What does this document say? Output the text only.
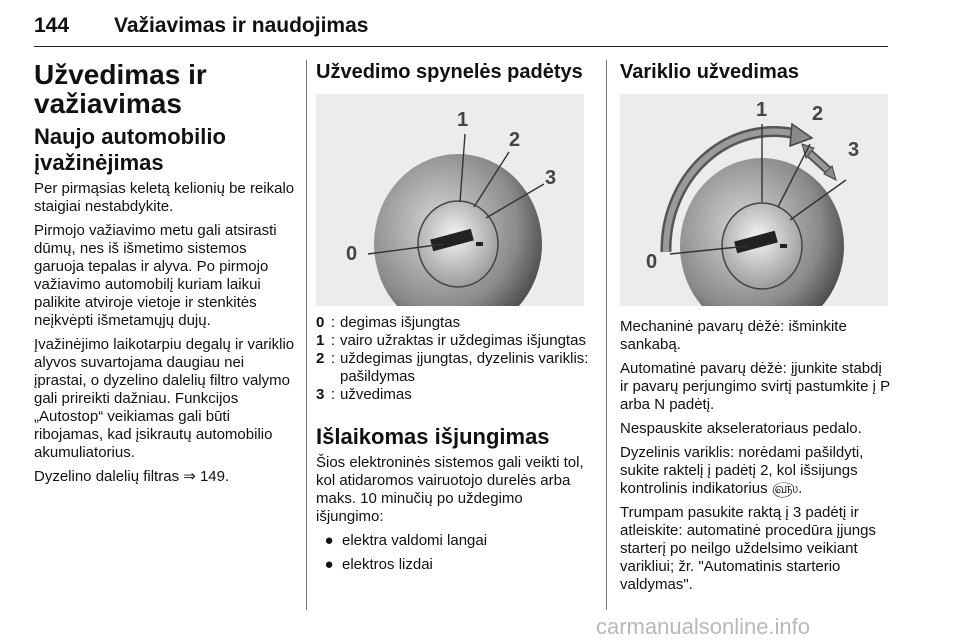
144 Važiavimas ir naudojimas
Užvedimas ir važiavimas
Naujo automobilio įvažinėjimas

Per pirmąsias keletą kelionių be reikalo staigiai nestabdykite.

Pirmojo važiavimo metu gali atsirasti dūmų, nes iš išmetimo sistemos garuoja tepalas ir alyva. Po pirmojo važiavimo automobilį kuriam laikui palikite atviroje vietoje ir stenkitės neįkvėpti išmetamųjų dujų.

Įvažinėjimo laikotarpiu degalų ir variklio alyvos suvartojama daugiau nei įprastai, o dyzelino dalelių filtro valymo gali prireikti dažniau. Funkcijos „Autostop“ veikiamas gali būti ribojamas, kad įsikrautų automobilio akumuliatorius.

Dyzelino dalelių filtras ⇒ 149.

Užvedimo spynelės padėtys
0
1
2
3
0 : degimas išjungtas
1 : vairo užraktas ir uždegimas išjungtas
2 : uždegimas įjungtas, dyzelinis variklis: pašildymas
3 : užvedimas
Išlaikomas išjungimas

Šios elektroninės sistemos gali veikti tol, kol atidaromos vairuotojo durelės arba maks. 10 minučių po uždegimo išjungimo:

● elektra valdomi langai
● elektros lizdai
Variklio užvedimas
0
1 2
3

Mechaninė pavarų dėžė: išminkite sankabą.

Automatinė pavarų dėžė: įjunkite stabdį ir pavarų perjungimo svirtį pastumkite į P arba N padėtį.

Nespauskite akseleratoriaus pedalo.

Dyzelinis variklis: norėdami pašildyti, sukite raktelį į padėtį 2, kol išsijungs kontrolinis indikatorius ௵.

Trumpam pasukite raktą į 3 padėtį ir atleiskite: automatinė procedūra įjungs starterį po neilgo uždelsimo veikiant varikliui; žr. "Automatinis starterio valdymas".

carmanualsonline.info
